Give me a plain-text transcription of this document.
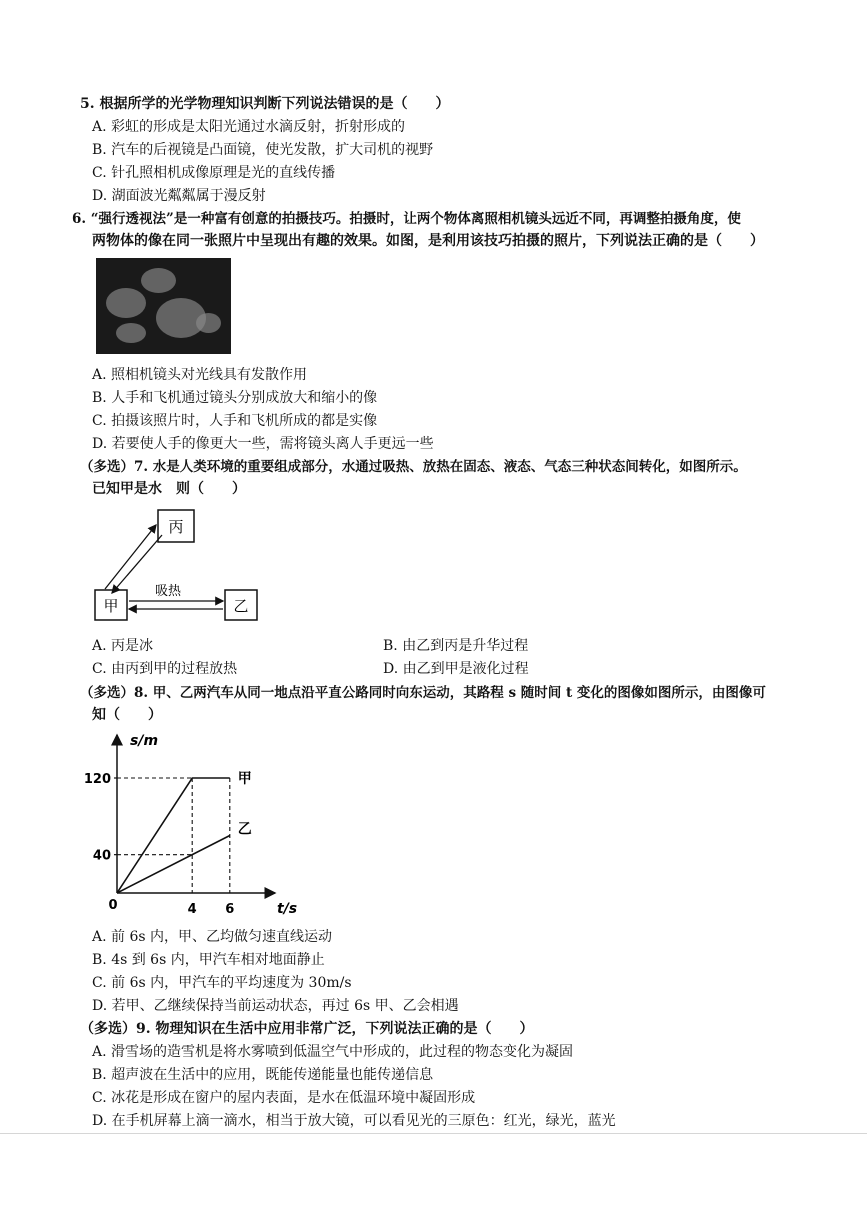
5. 根据所学的光学物理知识判断下列说法错误的是（　　）
A. 彩虹的形成是太阳光通过水滴反射，折射形成的
B. 汽车的后视镜是凸面镜，使光发散，扩大司机的视野
C. 针孔照相机成像原理是光的直线传播
D. 湖面波光粼粼属于漫反射
6. “强行透视法”是一种富有创意的拍摄技巧。拍摄时，让两个物体离照相机镜头远近不同，再调整拍摄角度，使
两物体的像在同一张照片中呈现出有趣的效果。如图，是利用该技巧拍摄的照片，下列说法正确的是（　　）
A. 照相机镜头对光线具有发散作用
B. 人手和飞机通过镜头分别成放大和缩小的像
C. 拍摄该照片时，人手和飞机所成的都是实像
D. 若要使人手的像更大一些，需将镜头离人手更远一些
（多选）7. 水是人类环境的重要组成部分，水通过吸热、放热在固态、液态、气态三种状态间转化，如图所示。
已知甲是水　则（　　）
丙
甲	乙
吸热
A. 丙是冰	B. 由乙到丙是升华过程
C. 由丙到甲的过程放热	D. 由乙到甲是液化过程
（多选）8. 甲、乙两汽车从同一地点沿平直公路同时向东运动，其路程 s 随时间 t 变化的图像如图所示，由图像可
知（　　）
s/m
t/s
0
40
120
4 6
甲
乙
A. 前 6s 内，甲、乙均做匀速直线运动
B. 4s 到 6s 内，甲汽车相对地面静止
C. 前 6s 内，甲汽车的平均速度为 30m/s
D. 若甲、乙继续保持当前运动状态，再过 6s 甲、乙会相遇
（多选）9. 物理知识在生活中应用非常广泛，下列说法正确的是（　　）
A. 滑雪场的造雪机是将水雾喷到低温空气中形成的，此过程的物态变化为凝固
B. 超声波在生活中的应用，既能传递能量也能传递信息
C. 冰花是形成在窗户的屋内表面，是水在低温环境中凝固形成
D. 在手机屏幕上滴一滴水，相当于放大镜，可以看见光的三原色：红光，绿光，蓝光
